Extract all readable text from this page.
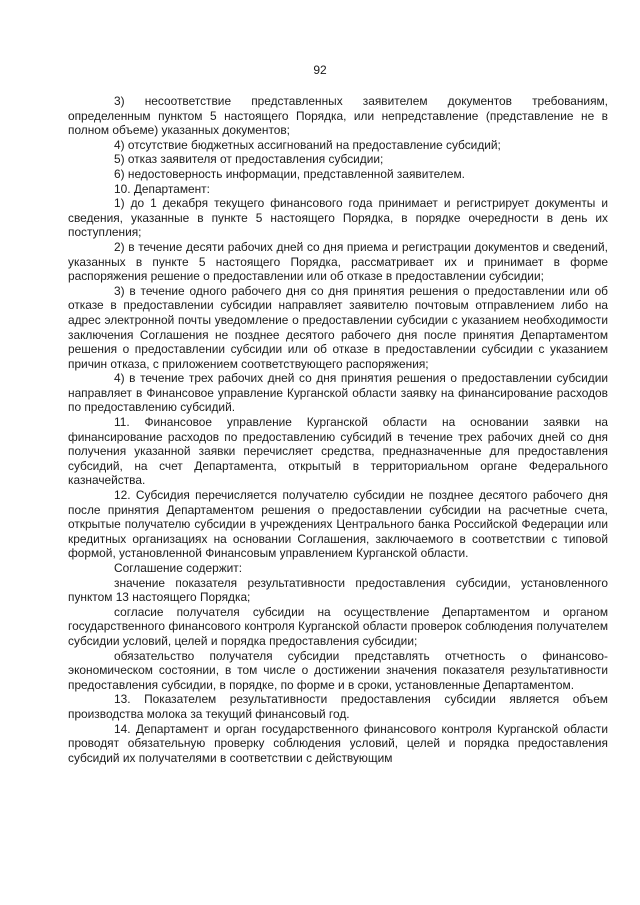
92

3) несоответствие представленных заявителем документов требованиям, определенным пунктом 5 настоящего Порядка, или непредставление (представление не в полном объеме) указанных документов;

4) отсутствие бюджетных ассигнований на предоставление субсидий;

5) отказ заявителя от предоставления субсидии;

6) недостоверность информации, представленной заявителем.

10. Департамент:

1) до 1 декабря текущего финансового года принимает и регистрирует документы и сведения, указанные в пункте 5 настоящего Порядка, в порядке очередности в день их поступления;

2) в течение десяти рабочих дней со дня приема и регистрации документов и сведений, указанных в пункте 5 настоящего Порядка, рассматривает их и принимает в форме распоряжения решение о предоставлении или об отказе в предоставлении субсидии;

3) в течение одного рабочего дня со дня принятия решения о предоставлении или об отказе в предоставлении субсидии направляет заявителю почтовым отправлением либо на адрес электронной почты уведомление о предоставлении субсидии с указанием необходимости заключения Соглашения не позднее десятого рабочего дня после принятия Департаментом решения о предоставлении субсидии или об отказе в предоставлении субсидии с указанием причин отказа, с приложением соответствующего распоряжения;

4) в течение трех рабочих дней со дня принятия решения о предоставлении субсидии направляет в Финансовое управление Курганской области заявку на финансирование расходов по предоставлению субсидий.

11. Финансовое управление Курганской области на основании заявки на финансирование расходов по предоставлению субсидий в течение трех рабочих дней со дня получения указанной заявки перечисляет средства, предназначенные для предоставления субсидий, на счет Департамента, открытый в территориальном органе Федерального казначейства.

12. Субсидия перечисляется получателю субсидии не позднее десятого рабочего дня после принятия Департаментом решения о предоставлении субсидии на расчетные счета, открытые получателю субсидии в учреждениях Центрального банка Российской Федерации или кредитных организациях на основании Соглашения, заключаемого в соответствии с типовой формой, установленной Финансовым управлением Курганской области.

Соглашение содержит:

значение показателя результативности предоставления субсидии, установленного пунктом 13 настоящего Порядка;

согласие получателя субсидии на осуществление Департаментом и органом государственного финансового контроля Курганской области проверок соблюдения получателем субсидии условий, целей и порядка предоставления субсидии;

обязательство получателя субсидии представлять отчетность о финансово-экономическом состоянии, в том числе о достижении значения показателя результативности предоставления субсидии, в порядке, по форме и в сроки, установленные Департаментом.

13. Показателем результативности предоставления субсидии является объем производства молока за текущий финансовый год.

14. Департамент и орган государственного финансового контроля Курганской области проводят обязательную проверку соблюдения условий, целей и порядка предоставления субсидий их получателями в соответствии с действующим
